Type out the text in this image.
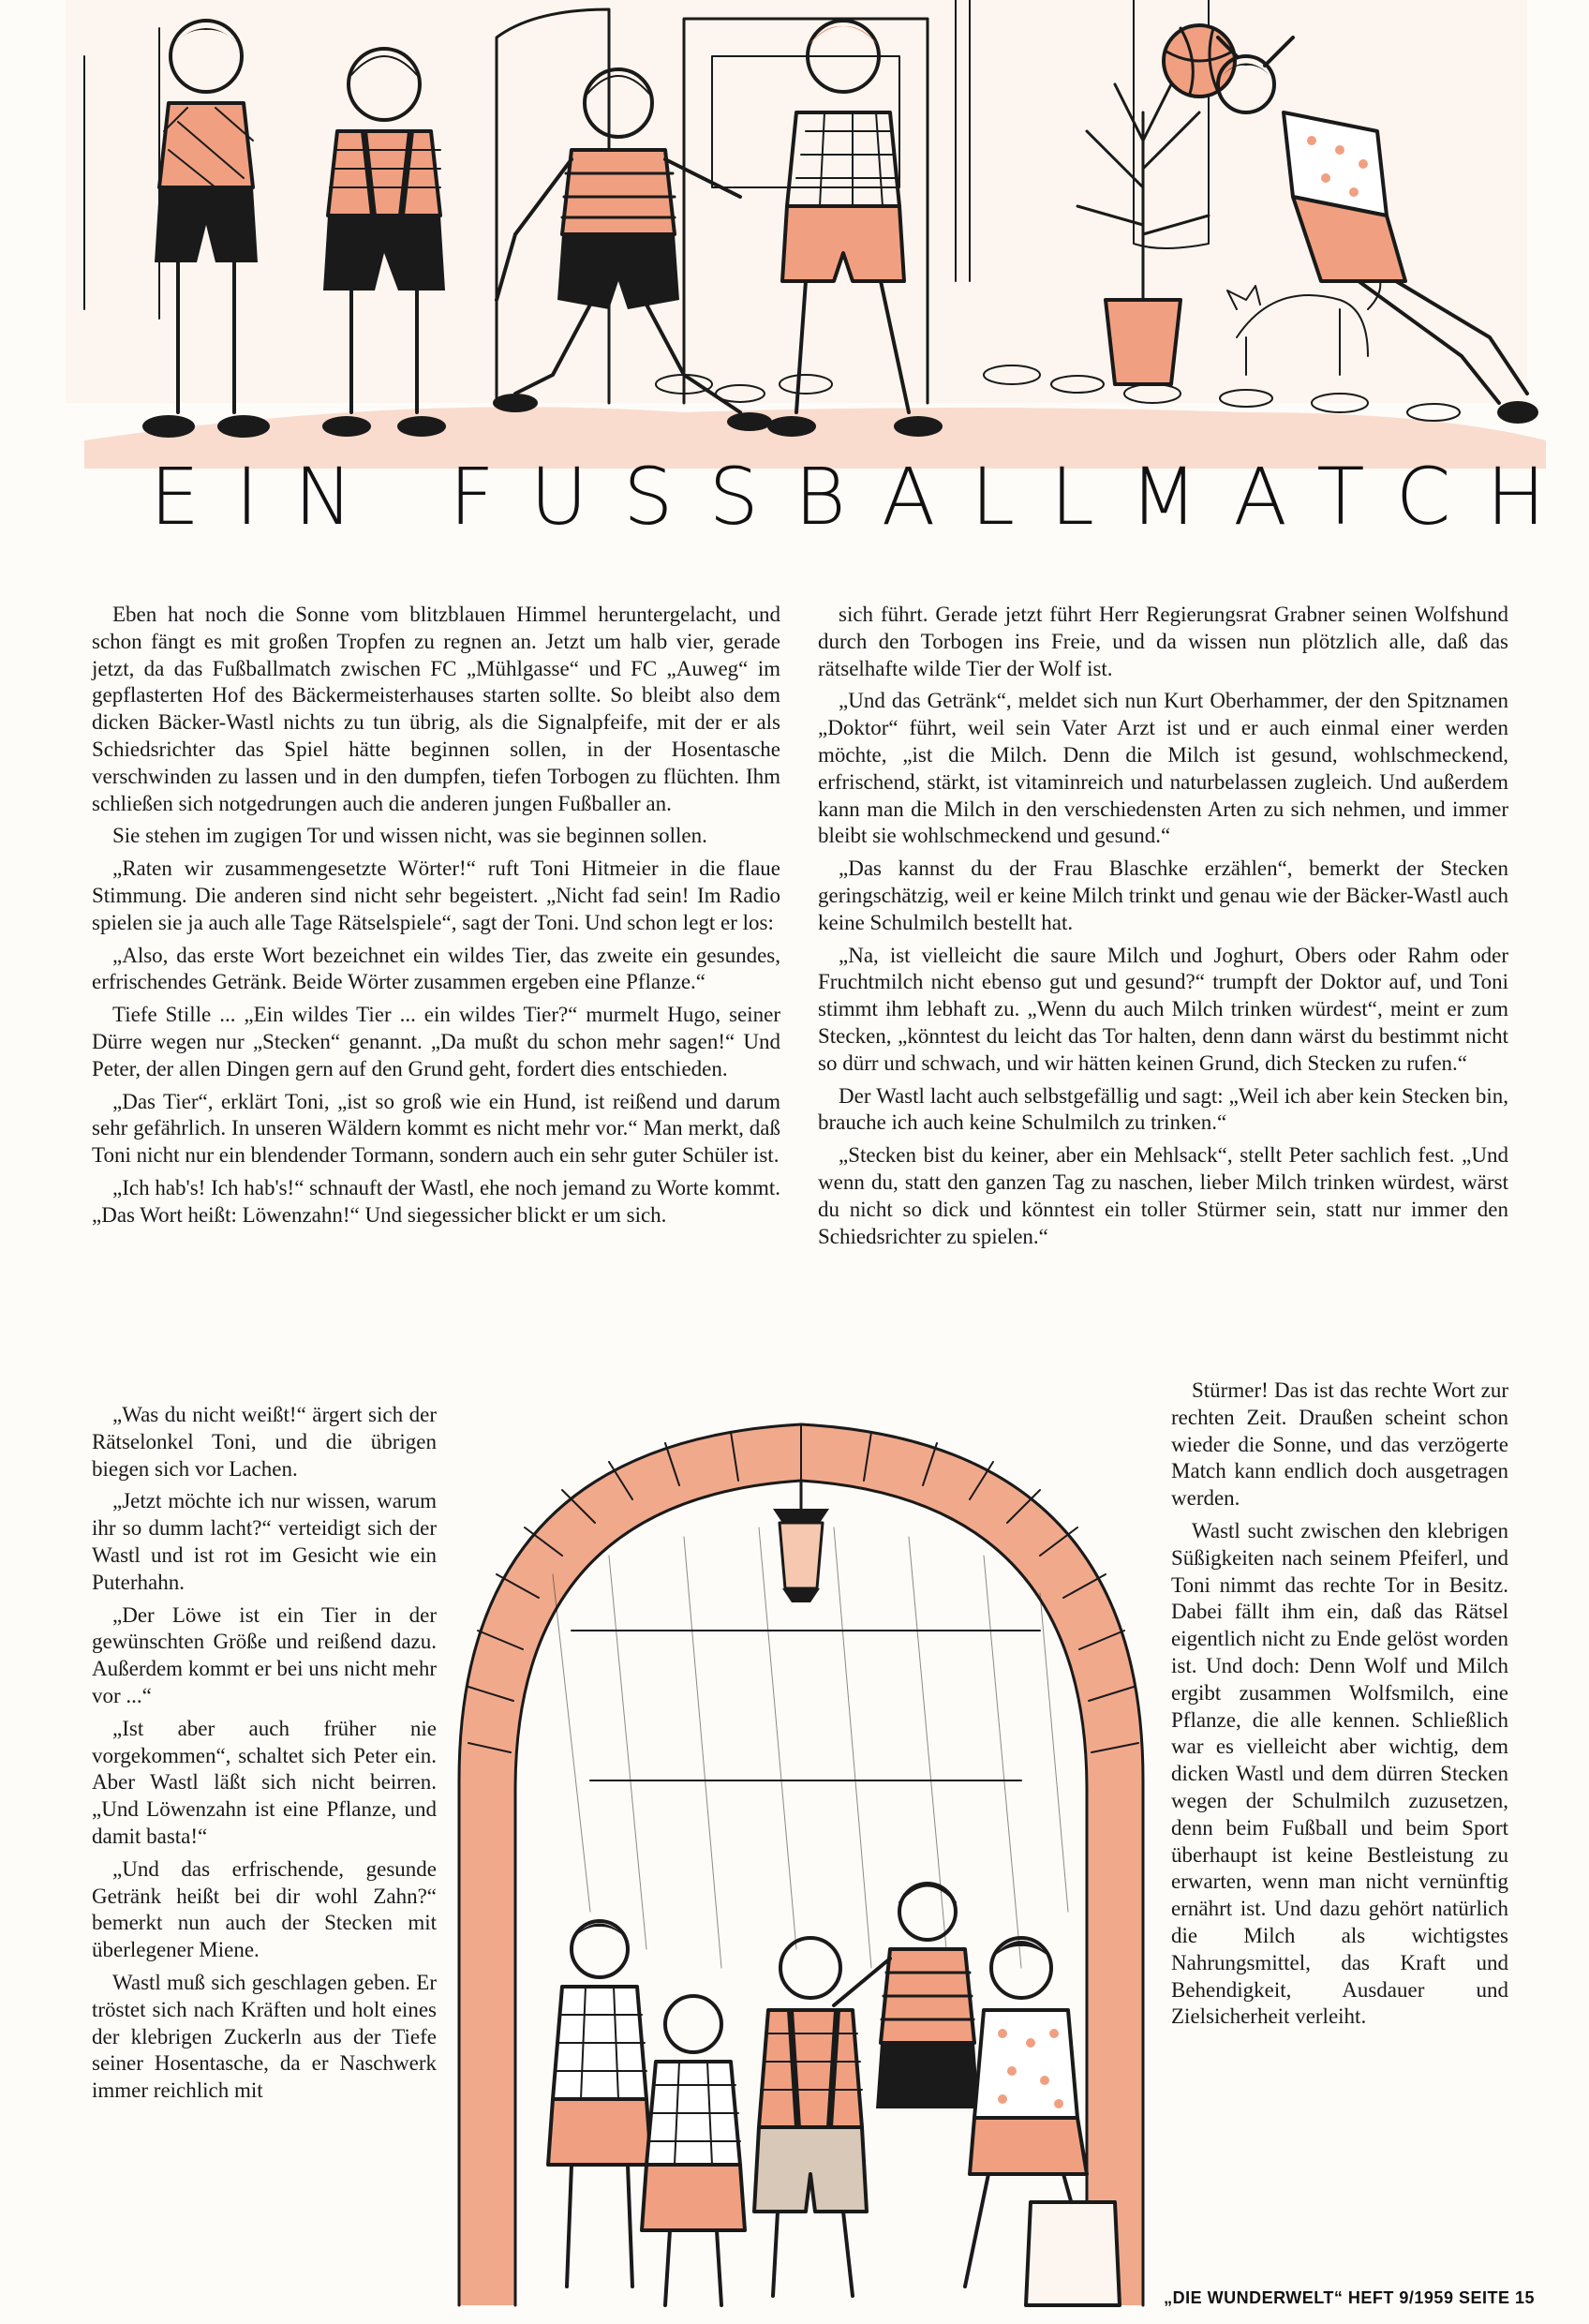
EIN FUSSBALLMATCH

Eben hat noch die Sonne vom blitzblauen Himmel heruntergelacht, und schon fängt es mit großen Tropfen zu regnen an. Jetzt um halb vier, gerade jetzt, da das Fußballmatch zwischen FC „Mühlgasse“ und FC „Auweg“ im gepflasterten Hof des Bäckermeisterhauses starten sollte. So bleibt also dem dicken Bäcker-Wastl nichts zu tun übrig, als die Signalpfeife, mit der er als Schiedsrichter das Spiel hätte beginnen sollen, in der Hosentasche verschwinden zu lassen und in den dumpfen, tiefen Torbogen zu flüchten. Ihm schließen sich notgedrungen auch die anderen jungen Fußballer an.

Sie stehen im zugigen Tor und wissen nicht, was sie beginnen sollen.

„Raten wir zusammengesetzte Wörter!“ ruft Toni Hitmeier in die flaue Stimmung. Die anderen sind nicht sehr begeistert. „Nicht fad sein! Im Radio spielen sie ja auch alle Tage Rätselspiele“, sagt der Toni. Und schon legt er los:

„Also, das erste Wort bezeichnet ein wildes Tier, das zweite ein gesundes, erfrischendes Getränk. Beide Wörter zusammen ergeben eine Pflanze.“

Tiefe Stille ... „Ein wildes Tier ... ein wildes Tier?“ murmelt Hugo, seiner Dürre wegen nur „Stecken“ genannt. „Da mußt du schon mehr sagen!“ Und Peter, der allen Dingen gern auf den Grund geht, fordert dies entschieden.

„Das Tier“, erklärt Toni, „ist so groß wie ein Hund, ist reißend und darum sehr gefährlich. In unseren Wäldern kommt es nicht mehr vor.“ Man merkt, daß Toni nicht nur ein blendender Tormann, sondern auch ein sehr guter Schüler ist.

„Ich hab's! Ich hab's!“ schnauft der Wastl, ehe noch jemand zu Worte kommt. „Das Wort heißt: Löwenzahn!“ Und siegessicher blickt er um sich.

„Was du nicht weißt!“ ärgert sich der Rätselonkel Toni, und die übrigen biegen sich vor Lachen.

„Jetzt möchte ich nur wissen, warum ihr so dumm lacht?“ verteidigt sich der Wastl und ist rot im Gesicht wie ein Puterhahn.

„Der Löwe ist ein Tier in der gewünschten Größe und reißend dazu. Außerdem kommt er bei uns nicht mehr vor ...“

„Ist aber auch früher nie vorgekommen“, schaltet sich Peter ein. Aber Wastl läßt sich nicht beirren. „Und Löwenzahn ist eine Pflanze, und damit basta!“

„Und das erfrischende, gesunde Getränk heißt bei dir wohl Zahn?“ bemerkt nun auch der Stecken mit überlegener Miene.

Wastl muß sich geschlagen geben. Er tröstet sich nach Kräften und holt eines der klebrigen Zuckerln aus der Tiefe seiner Hosentasche, da er Naschwerk immer reichlich mit

sich führt. Gerade jetzt führt Herr Regierungsrat Grabner seinen Wolfshund durch den Torbogen ins Freie, und da wissen nun plötzlich alle, daß das rätselhafte wilde Tier der Wolf ist.

„Und das Getränk“, meldet sich nun Kurt Oberhammer, der den Spitznamen „Doktor“ führt, weil sein Vater Arzt ist und er auch einmal einer werden möchte, „ist die Milch. Denn die Milch ist gesund, wohlschmeckend, erfrischend, stärkt, ist vitaminreich und naturbelassen zugleich. Und außerdem kann man die Milch in den verschiedensten Arten zu sich nehmen, und immer bleibt sie wohlschmeckend und gesund.“

„Das kannst du der Frau Blaschke erzählen“, bemerkt der Stecken geringschätzig, weil er keine Milch trinkt und genau wie der Bäcker-Wastl auch keine Schulmilch bestellt hat.

„Na, ist vielleicht die saure Milch und Joghurt, Obers oder Rahm oder Fruchtmilch nicht ebenso gut und gesund?“ trumpft der Doktor auf, und Toni stimmt ihm lebhaft zu. „Wenn du auch Milch trinken würdest“, meint er zum Stecken, „könntest du leicht das Tor halten, denn dann wärst du bestimmt nicht so dürr und schwach, und wir hätten keinen Grund, dich Stecken zu rufen.“

Der Wastl lacht auch selbstgefällig und sagt: „Weil ich aber kein Stecken bin, brauche ich auch keine Schulmilch zu trinken.“

„Stecken bist du keiner, aber ein Mehlsack“, stellt Peter sachlich fest. „Und wenn du, statt den ganzen Tag zu naschen, lieber Milch trinken würdest, wärst du nicht so dick und könntest ein toller Stürmer sein, statt nur immer den Schiedsrichter zu spielen.“

Stürmer! Das ist das rechte Wort zur rechten Zeit. Draußen scheint schon wieder die Sonne, und das verzögerte Match kann endlich doch ausgetragen werden.

Wastl sucht zwischen den klebrigen Süßigkeiten nach seinem Pfeiferl, und Toni nimmt das rechte Tor in Besitz. Dabei fällt ihm ein, daß das Rätsel eigentlich nicht zu Ende gelöst worden ist. Und doch: Denn Wolf und Milch ergibt zusammen Wolfsmilch, eine Pflanze, die alle kennen. Schließlich war es vielleicht aber wichtig, dem dicken Wastl und dem dürren Stecken wegen der Schulmilch zuzusetzen, denn beim Fußball und beim Sport überhaupt ist keine Bestleistung zu erwarten, wenn man nicht vernünftig ernährt ist. Und dazu gehört natürlich die Milch als wichtigstes Nahrungsmittel, das Kraft und Behendigkeit, Ausdauer und Zielsicherheit verleiht.

„DIE WUNDERWELT“ HEFT 9/1959 SEITE 15
